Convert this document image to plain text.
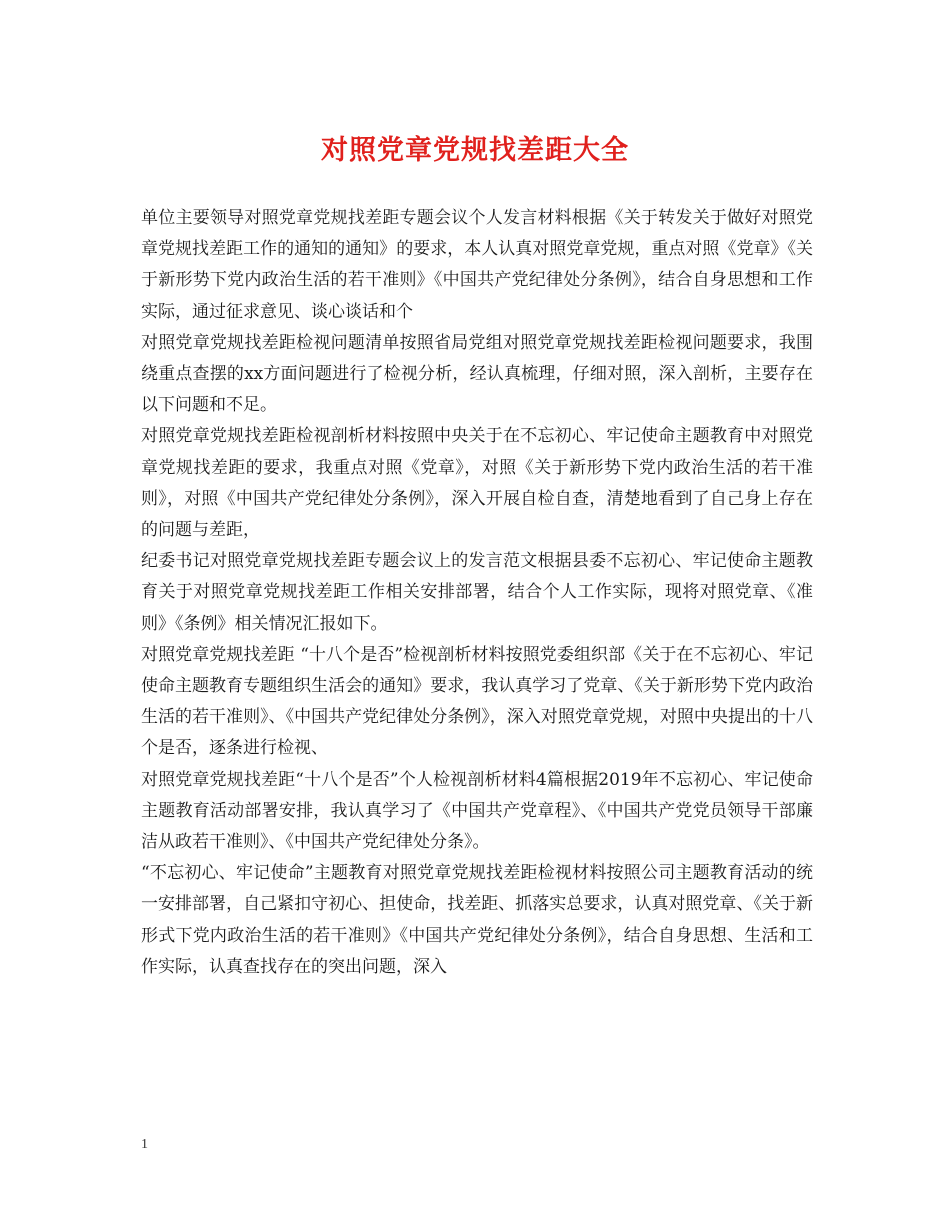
对照党章党规找差距大全

单位主要领导对照党章党规找差距专题会议个人发言材料根据《关于转发关于做好对照党章党规找差距工作的通知的通知》的要求，本人认真对照党章党规，重点对照《党章》《关于新形势下党内政治生活的若干准则》《中国共产党纪律处分条例》，结合自身思想和工作实际，通过征求意见、谈心谈话和个

对照党章党规找差距检视问题清单按照省局党组对照党章党规找差距检视问题要求，我围绕重点查摆的xx方面问题进行了检视分析，经认真梳理，仔细对照，深入剖析，主要存在以下问题和不足。

对照党章党规找差距检视剖析材料按照中央关于在不忘初心、牢记使命主题教育中对照党章党规找差距的要求，我重点对照《党章》，对照《关于新形势下党内政治生活的若干准则》，对照《中国共产党纪律处分条例》，深入开展自检自查，清楚地看到了自己身上存在的问题与差距，

纪委书记对照党章党规找差距专题会议上的发言范文根据县委不忘初心、牢记使命主题教育关于对照党章党规找差距工作相关安排部署，结合个人工作实际，现将对照党章、《准则》《条例》相关情况汇报如下。

对照党章党规找差距 “十八个是否”检视剖析材料按照党委组织部《关于在不忘初心、牢记使命主题教育专题组织生活会的通知》要求，我认真学习了党章、《关于新形势下党内政治生活的若干准则》、《中国共产党纪律处分条例》，深入对照党章党规，对照中央提出的十八个是否，逐条进行检视、

对照党章党规找差距“十八个是否”个人检视剖析材料4篇根据2019年不忘初心、牢记使命主题教育活动部署安排，我认真学习了《中国共产党章程》、《中国共产党党员领导干部廉洁从政若干准则》、《中国共产党纪律处分条》。

“不忘初心、牢记使命”主题教育对照党章党规找差距检视材料按照公司主题教育活动的统一安排部署，自己紧扣守初心、担使命，找差距、抓落实总要求，认真对照党章、《关于新形式下党内政治生活的若干准则》《中国共产党纪律处分条例》，结合自身思想、生活和工作实际，认真查找存在的突出问题，深入

1
